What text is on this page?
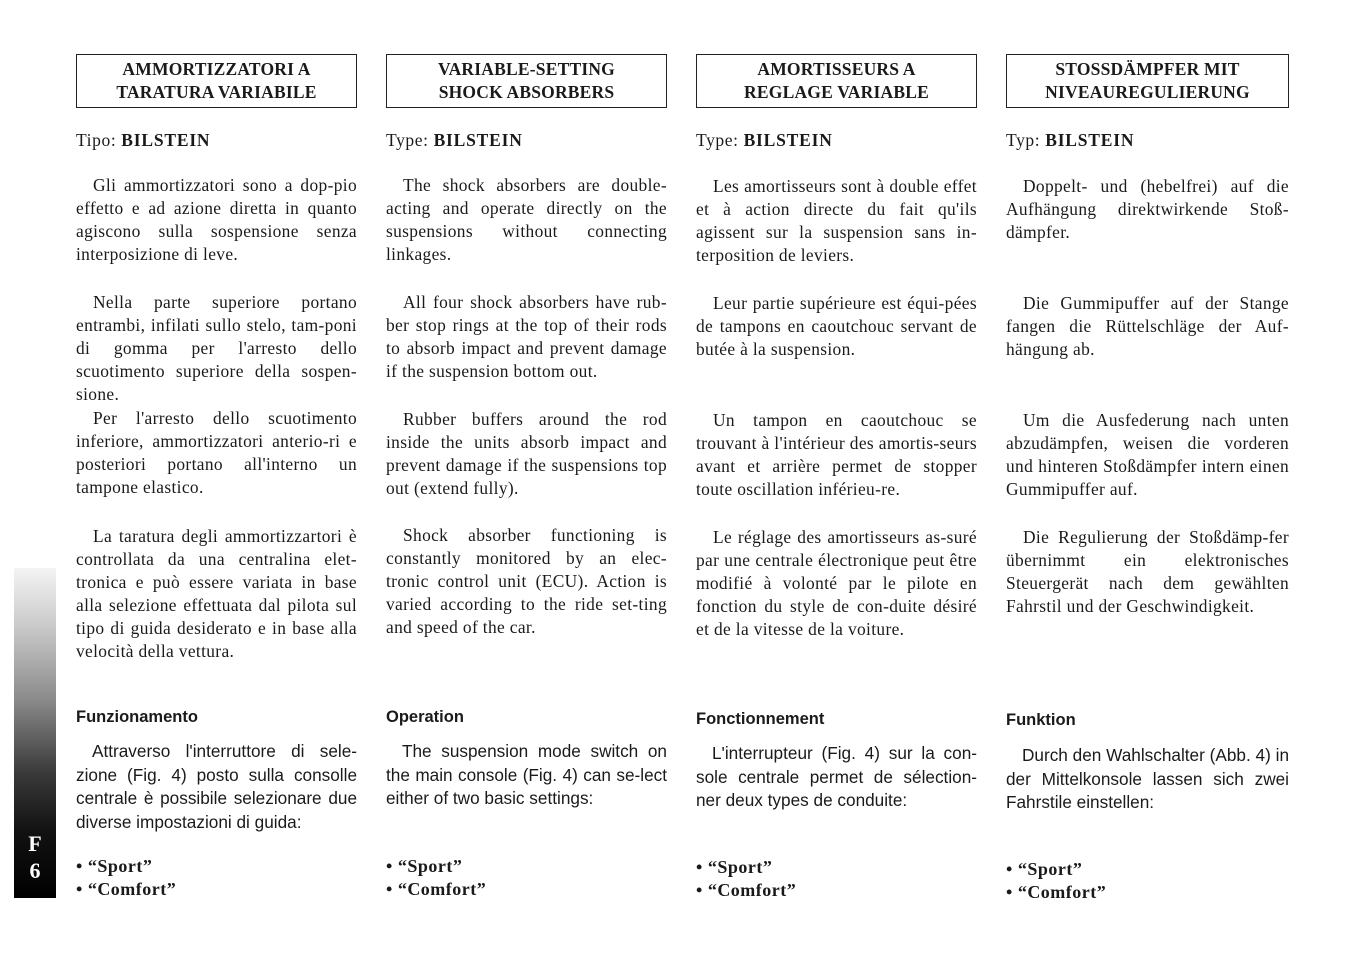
AMMORTIZZATORI A
TARATURA VARIABILE
Tipo: BILSTEIN
Gli ammortizzatori sono a dop-pio effetto e ad azione diretta in quanto agiscono sulla sospensione senza interposizione di leve.
Nella parte superiore portano entrambi, infilati sullo stelo, tam-poni di gomma per l'arresto dello scuotimento superiore della sospen-sione.
Per l'arresto dello scuotimento inferiore, ammortizzatori anterio-ri e posteriori portano all'interno un tampone elastico.
La taratura degli ammortizzartori è controllata da una centralina elet-tronica e può essere variata in base alla selezione effettuata dal pilota sul tipo di guida desiderato e in base alla velocità della vettura.
Funzionamento
Attraverso l'interruttore di sele-zione (Fig. 4) posto sulla consolle centrale è possibile selezionare due diverse impostazioni di guida:
• “Sport”
• “Comfort”
VARIABLE-SETTING
SHOCK ABSORBERS
Type: BILSTEIN
The shock absorbers are double-acting and operate directly on the suspensions without connecting linkages.
All four shock absorbers have rub-ber stop rings at the top of their rods to absorb impact and prevent damage if the suspension bottom out.
Rubber buffers around the rod inside the units absorb impact and prevent damage if the suspensions top out (extend fully).
Shock absorber functioning is constantly monitored by an elec-tronic control unit (ECU). Action is varied according to the ride set-ting and speed of the car.
Operation
The suspension mode switch on the main console (Fig. 4) can se-lect either of two basic settings:
• “Sport”
• “Comfort”
AMORTISSEURS A
REGLAGE VARIABLE
Type: BILSTEIN
Les amortisseurs sont à double effet et à action directe du fait qu'ils agissent sur la suspension sans in-terposition de leviers.
Leur partie supérieure est équi-pées de tampons en caoutchouc servant de butée à la suspension.
Un tampon en caoutchouc se trouvant à l'intérieur des amortis-seurs avant et arrière permet de stopper toute oscillation inférieu-re.
Le réglage des amortisseurs as-suré par une centrale électronique peut être modifié à volonté par le pilote en fonction du style de con-duite désiré et de la vitesse de la voiture.
Fonctionnement
L'interrupteur (Fig. 4) sur la con-sole centrale permet de sélection-ner deux types de conduite:
• “Sport”
• “Comfort”
STOSSDÄMPFER MIT
NIVEAUREGULIERUNG
Typ: BILSTEIN
Doppelt- und (hebelfrei) auf die Aufhängung direktwirkende Stoß-dämpfer.
Die Gummipuffer auf der Stange fangen die Rüttelschläge der Auf-hängung ab.
Um die Ausfederung nach unten abzudämpfen, weisen die vorderen und hinteren Stoßdämpfer intern einen Gummipuffer auf.
Die Regulierung der Stoßdämp-fer übernimmt ein elektronisches Steuergerät nach dem gewählten Fahrstil und der Geschwindigkeit.
Funktion
Durch den Wahlschalter (Abb. 4) in der Mittelkonsole lassen sich zwei Fahrstile einstellen:
• “Sport”
• “Comfort”
F
6
